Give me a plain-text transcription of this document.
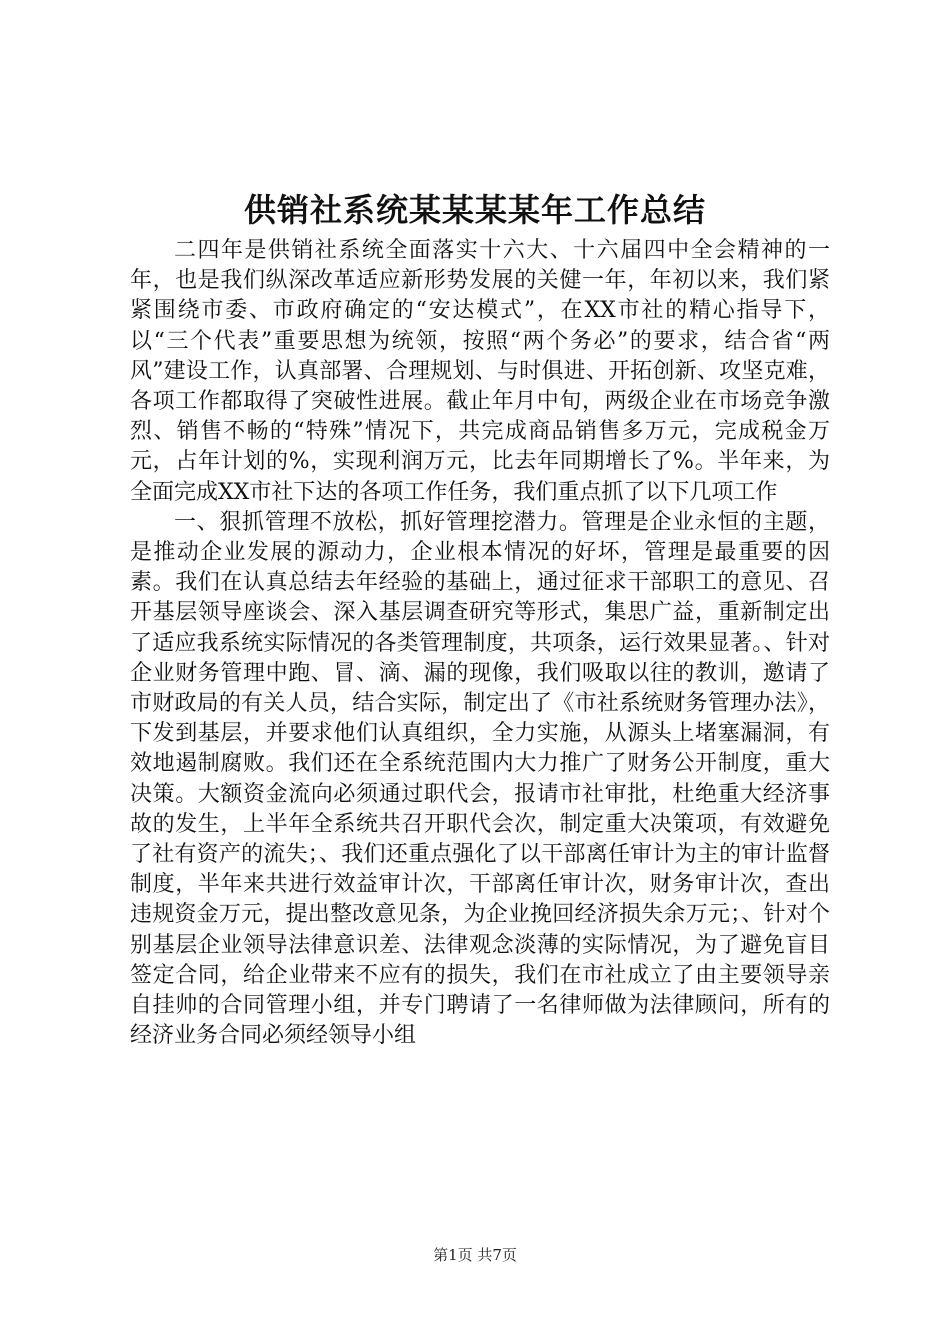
供销社系统某某某某年工作总结

二四年是供销社系统全面落实十六大、十六届四中全会精神的一年，也是我们纵深改革适应新形势发展的关健一年，年初以来，我们紧紧围绕市委、市政府确定的“安达模式”，在XX市社的精心指导下，以“三个代表”重要思想为统领，按照“两个务必”的要求，结合省“两风”建设工作，认真部署、合理规划、与时俱进、开拓创新、攻坚克难，各项工作都取得了突破性进展。截止年月中旬，两级企业在市场竞争激烈、销售不畅的“特殊”情况下，共完成商品销售多万元，完成税金万元，占年计划的%，实现利润万元，比去年同期增长了%。半年来，为全面完成XX市社下达的各项工作任务，我们重点抓了以下几项工作

一、狠抓管理不放松，抓好管理挖潜力。管理是企业永恒的主题，是推动企业发展的源动力，企业根本情况的好坏，管理是最重要的因素。我们在认真总结去年经验的基础上，通过征求干部职工的意见、召开基层领导座谈会、深入基层调查研究等形式，集思广益，重新制定出了适应我系统实际情况的各类管理制度，共项条，运行效果显著。、针对企业财务管理中跑、冒、滴、漏的现像，我们吸取以往的教训，邀请了市财政局的有关人员，结合实际，制定出了《市社系统财务管理办法》，下发到基层，并要求他们认真组织，全力实施，从源头上堵塞漏洞，有效地遏制腐败。我们还在全系统范围内大力推广了财务公开制度，重大决策。大额资金流向必须通过职代会，报请市社审批，杜绝重大经济事故的发生，上半年全系统共召开职代会次，制定重大决策项，有效避免了社有资产的流失；、我们还重点强化了以干部离任审计为主的审计监督制度，半年来共进行效益审计次，干部离任审计次，财务审计次，查出违规资金万元，提出整改意见条，为企业挽回经济损失余万元；、针对个别基层企业领导法律意识差、法律观念淡薄的实际情况，为了避免盲目签定合同，给企业带来不应有的损失，我们在市社成立了由主要领导亲自挂帅的合同管理小组，并专门聘请了一名律师做为法律顾问，所有的经济业务合同必须经领导小组

第1页 共7页
